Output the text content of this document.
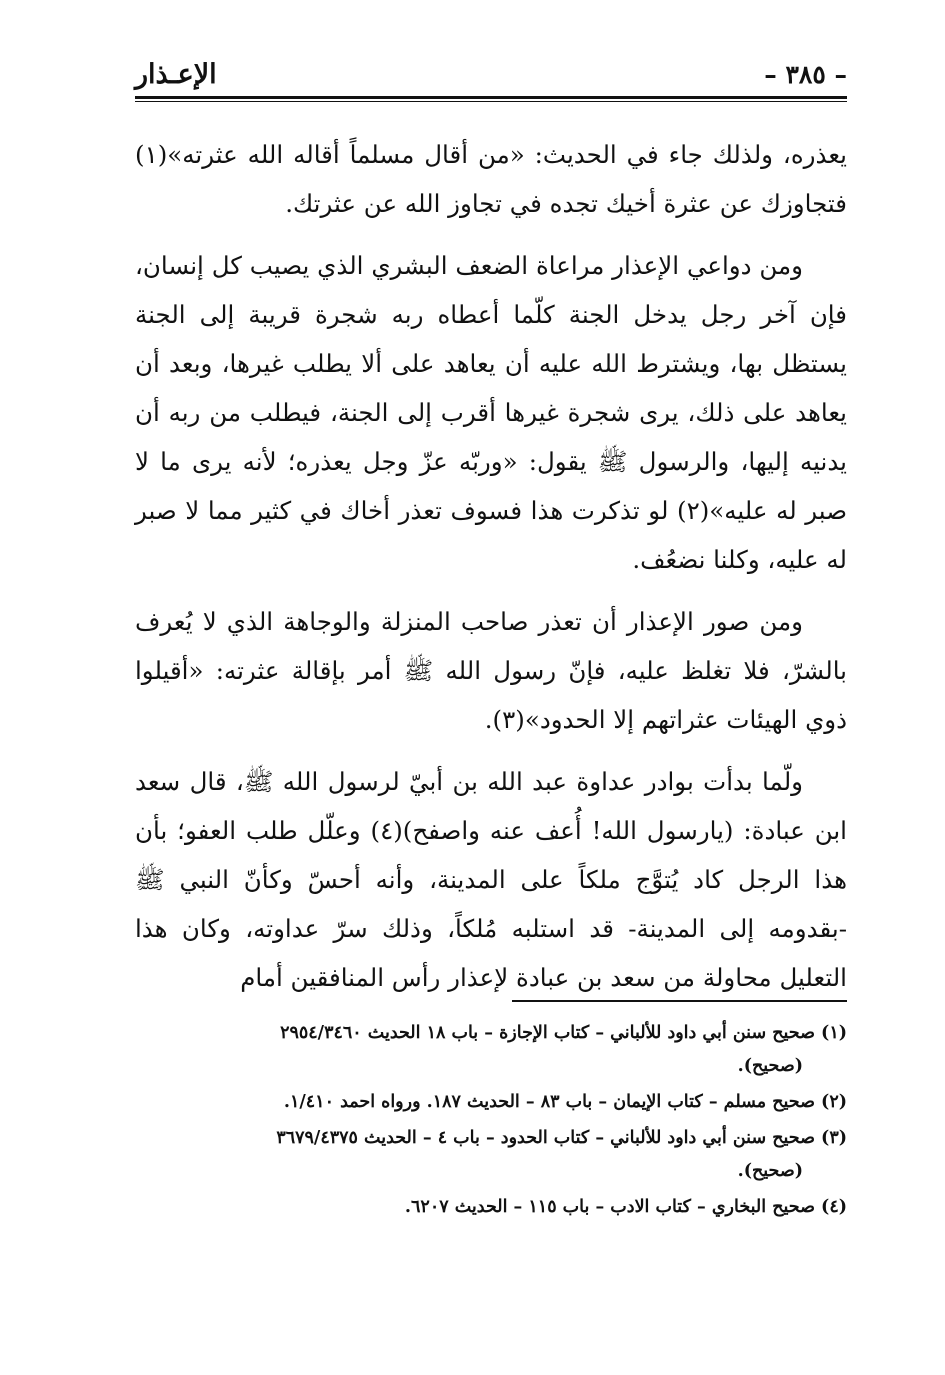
الإعـذار	– ٣٨٥ –

يعذره، ولذلك جاء في الحديث: «من أقال مسلماً أقاله الله عثرته»(١) فتجاوزك عن عثرة أخيك تجده في تجاوز الله عن عثرتك.

ومن دواعي الإعذار مراعاة الضعف البشري الذي يصيب كل إنسان، فإن آخر رجل يدخل الجنة كلّما أعطاه ربه شجرة قريبة إلى الجنة يستظل بها، ويشترط الله عليه أن يعاهد على ألا يطلب غيرها، وبعد أن يعاهد على ذلك، يرى شجرة غيرها أقرب إلى الجنة، فيطلب من ربه أن يدنيه إليها، والرسول ﷺ يقول: «وربّه عزّ وجل يعذره؛ لأنه يرى ما لا صبر له عليه»(٢) لو تذكرت هذا فسوف تعذر أخاك في كثير مما لا صبر له عليه، وكلنا نضعُف.

ومن صور الإعذار أن تعذر صاحب المنزلة والوجاهة الذي لا يُعرف بالشرّ، فلا تغلظ عليه، فإنّ رسول الله ﷺ أمر بإقالة عثرته: «أقيلوا ذوي الهيئات عثراتهم إلا الحدود»(٣).

ولّما بدأت بوادر عداوة عبد الله بن أبيّ لرسول الله ﷺ، قال سعد ابن عبادة: (يارسول الله! أُعف عنه واصفح)(٤) وعلّل طلب العفو؛ بأن هذا الرجل كاد يُتوَّج ملكاً على المدينة، وأنه أحسّ وكأنّ النبي ﷺ -بقدومه إلى المدينة- قد استلبه مُلكاً، وذلك سرّ عداوته، وكان هذا التعليل محاولة من سعد بن عبادة لإعذار رأس المنافقين أمام

(١) صحيح سنن أبي داود للألباني – كتاب الإجازة – باب ١٨ الحديث ٢٩٥٤/٣٤٦٠
(صحيح).
(٢) صحيح مسلم – كتاب الإيمان – باب ٨٣ – الحديث ١٨٧. ورواه احمد ١/٤١٠.
(٣) صحيح سنن أبي داود للألباني – كتاب الحدود – باب ٤ – الحديث ٣٦٧٩/٤٣٧٥
(صحيح).
(٤) صحيح البخاري – كتاب الادب – باب ١١٥ – الحديث ٦٢٠٧.
